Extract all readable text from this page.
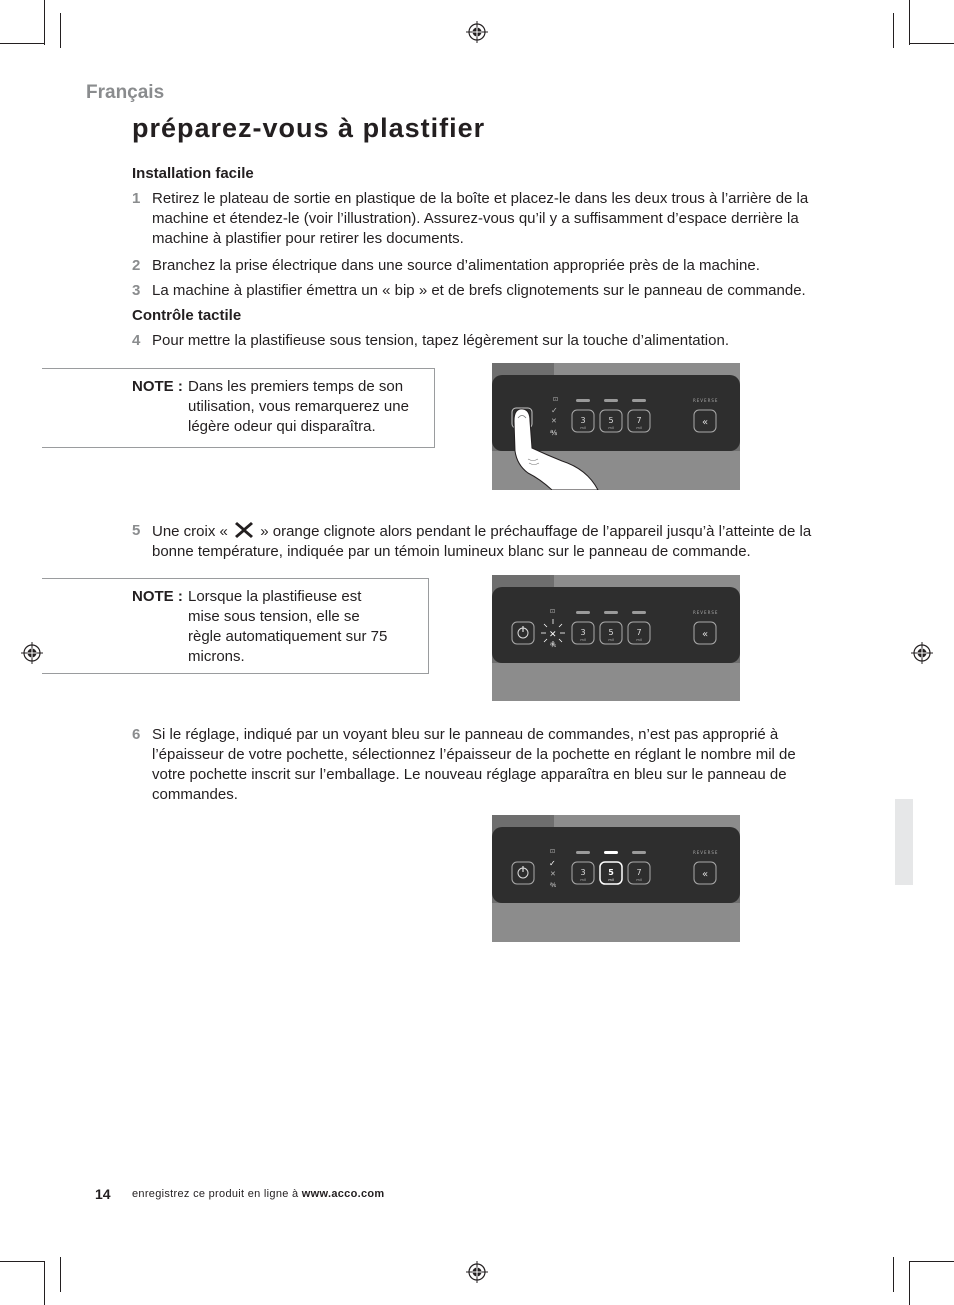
Français
préparez-vous à plastifier
Installation facile
1 Retirez le plateau de sortie en plastique de la boîte et placez-le dans les deux trous à l’arrière de la machine et étendez-le (voir l’illustration). Assurez-vous qu’il y a suffisamment d’espace derrière la machine à plastifier pour retirer les documents.
2 Branchez la prise électrique dans une source d’alimentation appropriée près de la machine.
3 La machine à plastifier émettra un « bip » et de brefs clignotements sur le panneau de commande.
Contrôle tactile
4 Pour mettre la plastifieuse sous tension, tapez légèrement sur la touche d’alimentation.
NOTE : Dans les premiers temps de son utilisation, vous remarquerez une légère odeur qui disparaîtra.
⊡
✓
✕
℁
3	5	7
mil	mil	mil
REVERSE
«
5 Une croix « » orange clignote alors pendant le préchauffage de l’appareil jusqu’à l’atteinte de la bonne température, indiquée par un témoin lumineux blanc sur le panneau de commande.
NOTE : Lorsque la plastifieuse est mise sous tension, elle se règle automatiquement sur 75 microns.
⊡
✕
℁
3	5	7
mil	mil	mil
REVERSE
«
6 Si le réglage, indiqué par un voyant bleu sur le panneau de commandes, n’est pas approprié à l’épaisseur de votre pochette, sélectionnez l’épaisseur de la pochette en réglant le nombre mil de votre pochette inscrit sur l’emballage. Le nouveau réglage apparaîtra en bleu sur le panneau de commandes.
⊡
✓
✕
℁
3	5	7
mil	mil	mil
REVERSE
«
14 enregistrez ce produit en ligne à www.acco.com
